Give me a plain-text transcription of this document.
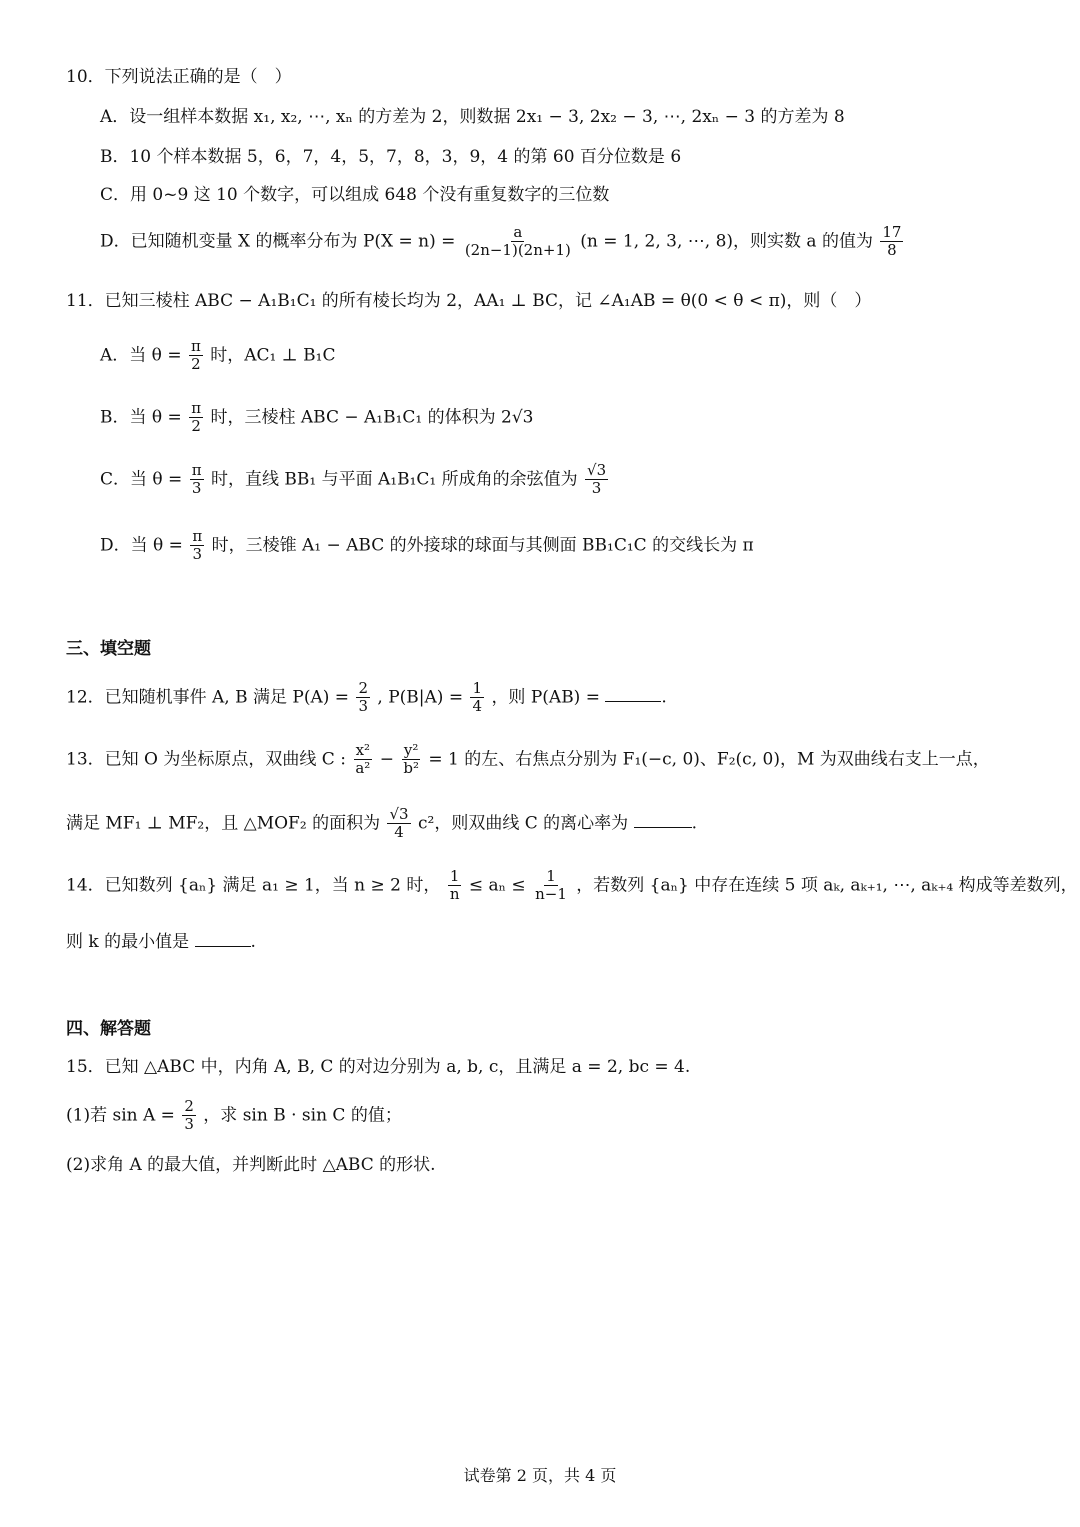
10．下列说法正确的是（　）
A．设一组样本数据 x₁, x₂, ⋯, xₙ 的方差为 2，则数据 2x₁ − 3, 2x₂ − 3, ⋯, 2xₙ − 3 的方差为 8
B．10 个样本数据 5，6，7，4，5，7，8，3，9，4 的第 60 百分位数是 6
C．用 0~9 这 10 个数字，可以组成 648 个没有重复数字的三位数
D．已知随机变量 X 的概率分布为 $P(X = n) = \frac{a}{(2n-1)(2n+1)} (n = 1$, 2, 3, ⋯, 8)，则实数 a 的值为 $\frac{17}{8}$
11．已知三棱柱 ABC − A₁B₁C₁ 的所有棱长均为 2，AA₁ ⊥ BC，记 ∠A₁AB = θ(0 < θ < π)，则（　）
A．当 $\theta = \frac{\pi}{2}$ 时，AC₁ ⊥ B₁C
B．当 $\theta = \frac{\pi}{2}$ 时，三棱柱 ABC − A₁B₁C₁ 的体积为 2√3
C．当 $\theta = \frac{\pi}{3}$ 时，直线 BB₁ 与平面 A₁B₁C₁ 所成角的余弦值为 $\frac{√3}{3}$
D．当 $\theta = \frac{\pi}{3}$ 时，三棱锥 A₁ − ABC 的外接球的球面与其侧面 BB₁C₁C 的交线长为 π
三、填空题
12．已知随机事件 A, B 满足 $P(A) = \frac{2}{3}$ , $P(B|A) = \frac{1}{4}$ ，则 P(AB) =	.
13．已知 O 为坐标原点，双曲线 C : $\frac{\text{x²}}{\text{a²}} - \frac{\text{y²}}{\text{b²}} = 1$ 的左、右焦点分别为 F₁(−c, 0)、F₂(c, 0)，M 为双曲线右支上一点，
满足 MF₁ ⊥ MF₂，且 △MOF₂ 的面积为 $\frac{√3}{4} c^2$，则双曲线 C 的离心率为	.
14．已知数列 {aₙ} 满足 a₁ ≥ 1，当 n ≥ 2 时， $\frac{1}{n} \le a_n \le \frac{1}{n-1}$ ，若数列 {aₙ} 中存在连续 5 项 aₖ, aₖ₊₁, ⋯, aₖ₊₄ 构成等差数列，
则 k 的最小值是	.
四、解答题
15．已知 △ABC 中，内角 A, B, C 的对边分别为 a, b, c，且满足 a = 2, bc = 4.
(1)若 $\sin A = \frac{2}{3}$ ，求 sin B · sin C 的值；
(2)求角 A 的最大值，并判断此时 △ABC 的形状.
试卷第 2 页，共 4 页
